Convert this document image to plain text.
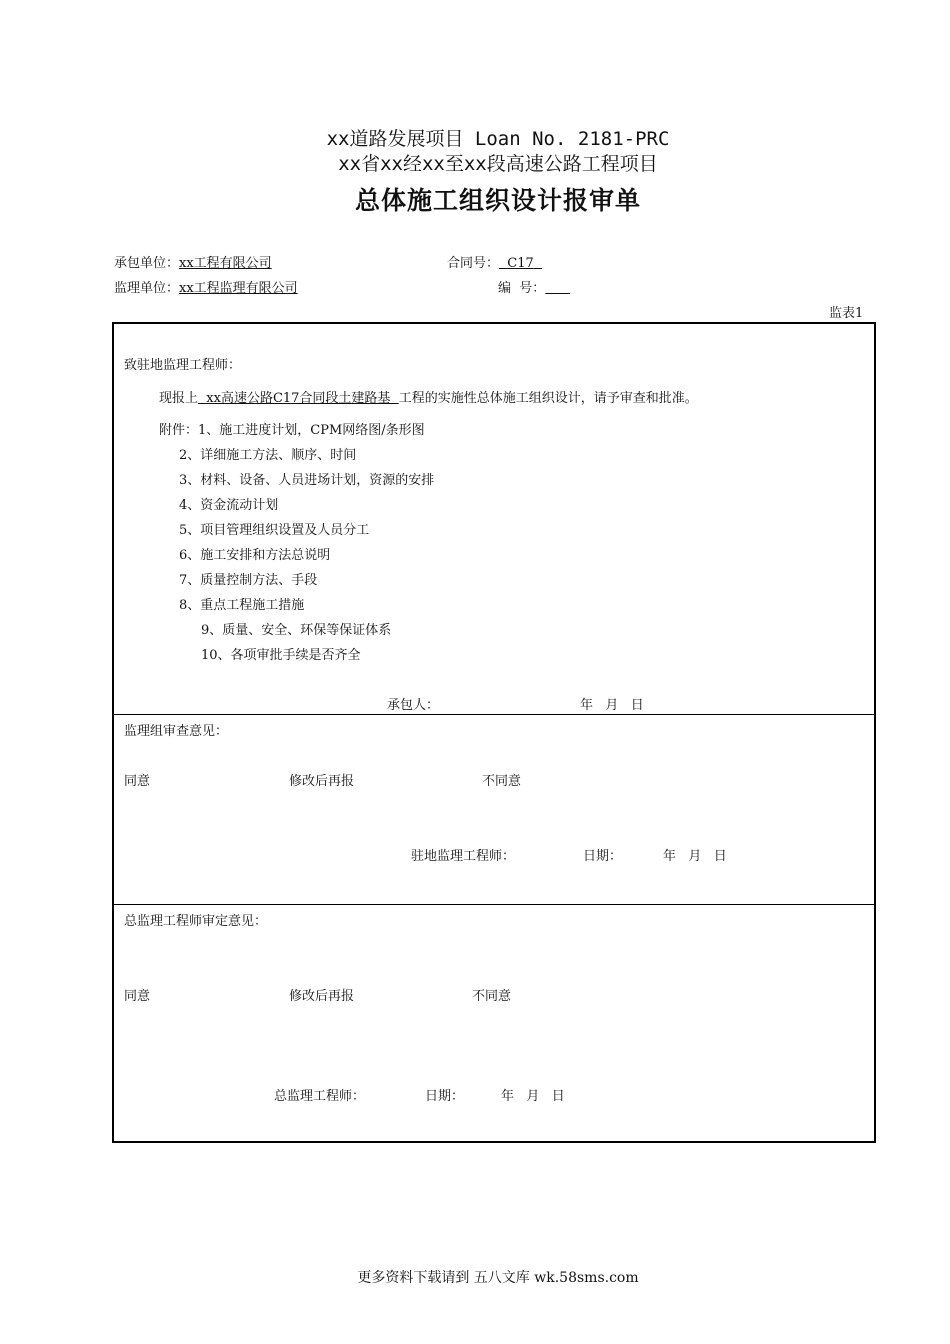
xx道路发展项目 Loan No. 2181-PRC
xx省xx经xx至xx段高速公路工程项目
总体施工组织设计报审单
承包单位：xx工程有限公司	合同号： C17
监理单位：xx工程监理有限公司	编  号：
监表1
致驻地监理工程师：
现报上 xx高速公路C17合同段土建路基 工程的实施性总体施工组织设计，请予审查和批准。
附件：1、施工进度计划，CPM网络图/条形图
2、详细施工方法、顺序、时间
3、材料、设备、人员进场计划，资源的安排
4、资金流动计划
5、项目管理组织设置及人员分工
6、施工安排和方法总说明
7、质量控制方法、手段
8、重点工程施工措施
9、质量、安全、环保等保证体系
10、各项审批手续是否齐全
承包人：	年   月   日
监理组审查意见：
同意	修改后再报	不同意
驻地监理工程师：	日期：	年   月   日
总监理工程师审定意见：
同意	修改后再报	不同意
总监理工程师：	日期：	年   月   日
更多资料下载请到 五八文库 wk.58sms.com
